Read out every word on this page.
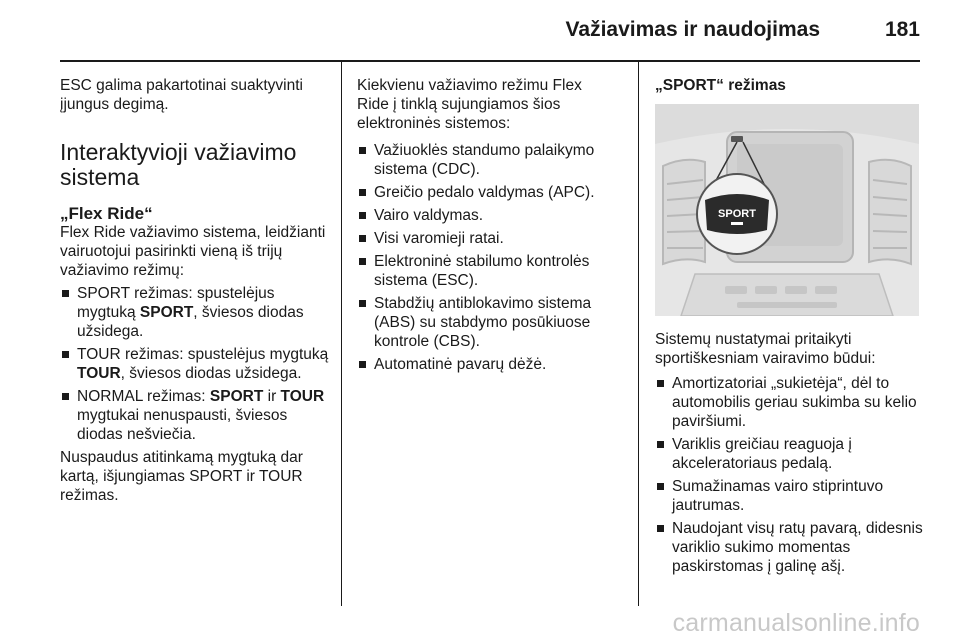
Važiavimas ir naudojimas	181

ESC galima pakartotinai suaktyvinti įjungus degimą.

Interaktyvioji važiavimo sistema
„Flex Ride“

Flex Ride važiavimo sistema, leidžianti vairuotojui pasirinkti vieną iš trijų važiavimo režimų:

SPORT režimas: spustelėjus mygtuką SPORT, šviesos diodas užsidega.
TOUR režimas: spustelėjus mygtuką TOUR, šviesos diodas užsidega.
NORMAL režimas: SPORT ir TOUR mygtukai nenuspausti, šviesos diodas nešviečia.

Nuspaudus atitinkamą mygtuką dar kartą, išjungiamas SPORT ir TOUR režimas.

Kiekvienu važiavimo režimu Flex Ride į tinklą sujungiamos šios elektroninės sistemos:

Važiuoklės standumo palaikymo sistema (CDC).
Greičio pedalo valdymas (APC).
Vairo valdymas.
Visi varomieji ratai.
Elektroninė stabilumo kontrolės sistema (ESC).
Stabdžių antiblokavimo sistema (ABS) su stabdymo posūkiuose kontrole (CBS).
Automatinė pavarų dėžė.
„SPORT“ režimas
SPORT

Sistemų nustatymai pritaikyti sportiškesniam vairavimo būdui:

Amortizatoriai „sukietėja“, dėl to automobilis geriau sukimba su kelio paviršiumi.
Variklis greičiau reaguoja į akceleratoriaus pedalą.
Sumažinamas vairo stiprintuvo jautrumas.
Naudojant visų ratų pavarą, didesnis variklio sukimo momentas paskirstomas į galinę ašį.
carmanualsonline.info
